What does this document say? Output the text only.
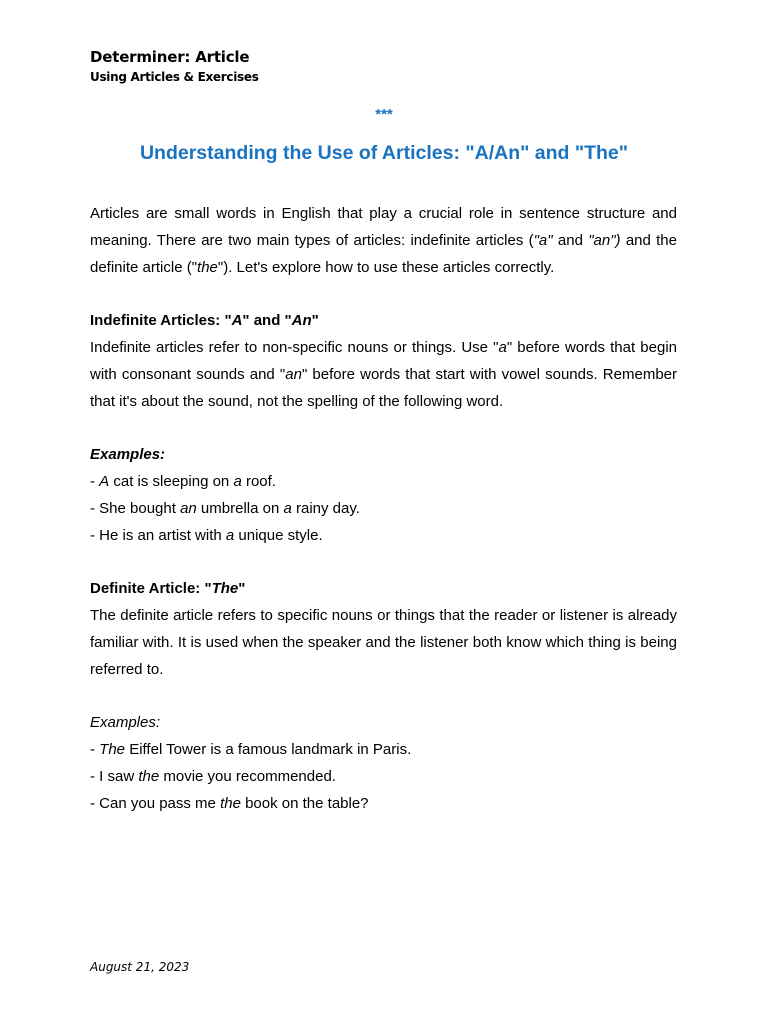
Determiner: Article
Using Articles & Exercises
***
Understanding the Use of Articles: "A/An" and "The"

Articles are small words in English that play a crucial role in sentence structure and meaning. There are two main types of articles: indefinite articles ("a" and "an") and the definite article ("the"). Let's explore how to use these articles correctly.

Indefinite Articles: "A" and "An"

Indefinite articles refer to non-specific nouns or things. Use "a" before words that begin with consonant sounds and "an" before words that start with vowel sounds. Remember that it's about the sound, not the spelling of the following word.

Examples:

- A cat is sleeping on a roof.

- She bought an umbrella on a rainy day.

- He is an artist with a unique style.

Definite Article: "The"

The definite article refers to specific nouns or things that the reader or listener is already familiar with. It is used when the speaker and the listener both know which thing is being referred to.

Examples:

- The Eiffel Tower is a famous landmark in Paris.

- I saw the movie you recommended.

- Can you pass me the book on the table?

August 21, 2023
